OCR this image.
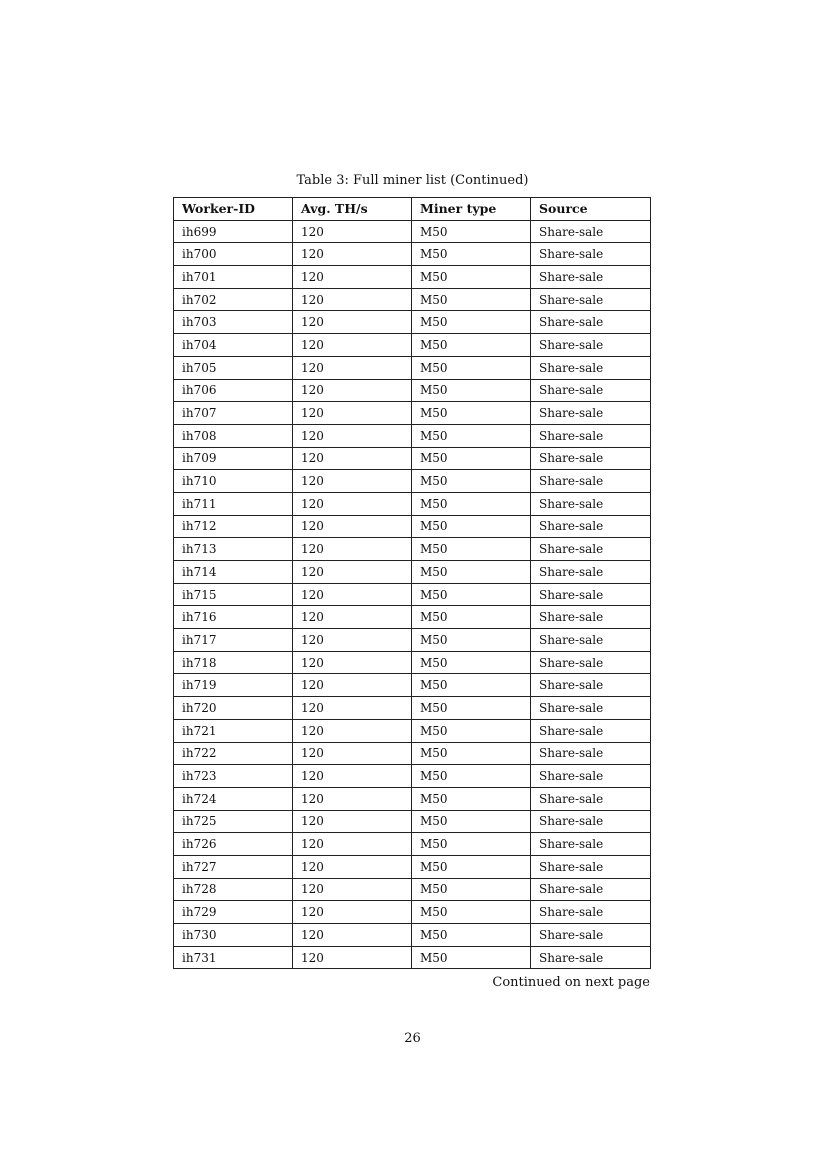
Table 3: Full miner list (Continued)
Worker-ID	Avg. TH/s	Miner type	Source
ih699	120	M50	Share-sale
ih700	120	M50	Share-sale
ih701	120	M50	Share-sale
ih702	120	M50	Share-sale
ih703	120	M50	Share-sale
ih704	120	M50	Share-sale
ih705	120	M50	Share-sale
ih706	120	M50	Share-sale
ih707	120	M50	Share-sale
ih708	120	M50	Share-sale
ih709	120	M50	Share-sale
ih710	120	M50	Share-sale
ih711	120	M50	Share-sale
ih712	120	M50	Share-sale
ih713	120	M50	Share-sale
ih714	120	M50	Share-sale
ih715	120	M50	Share-sale
ih716	120	M50	Share-sale
ih717	120	M50	Share-sale
ih718	120	M50	Share-sale
ih719	120	M50	Share-sale
ih720	120	M50	Share-sale
ih721	120	M50	Share-sale
ih722	120	M50	Share-sale
ih723	120	M50	Share-sale
ih724	120	M50	Share-sale
ih725	120	M50	Share-sale
ih726	120	M50	Share-sale
ih727	120	M50	Share-sale
ih728	120	M50	Share-sale
ih729	120	M50	Share-sale
ih730	120	M50	Share-sale
ih731	120	M50	Share-sale
Continued on next page
26
